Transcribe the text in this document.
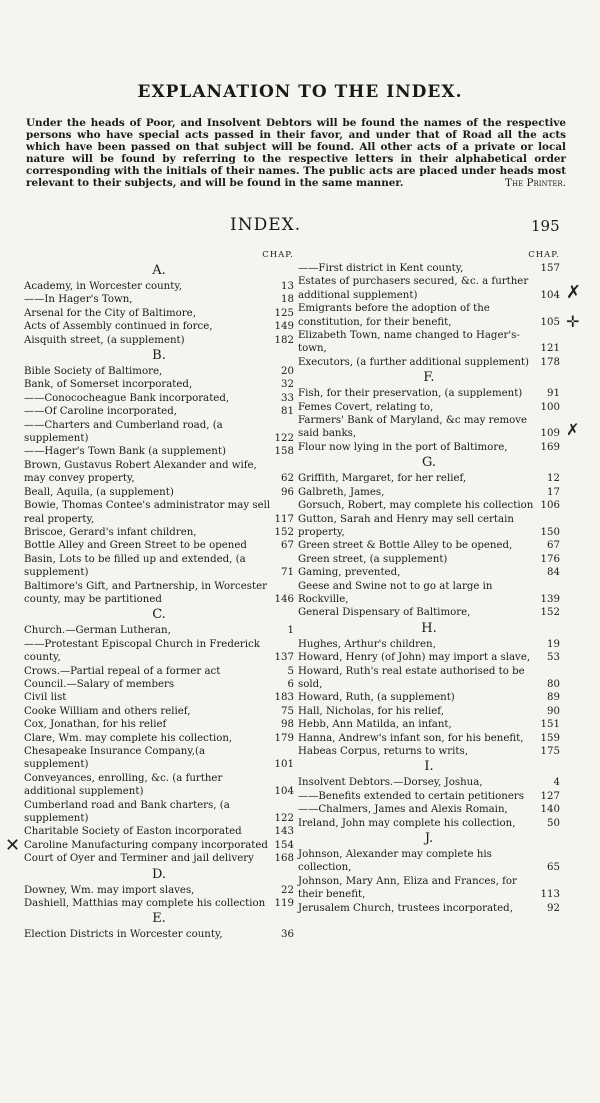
EXPLANATION TO THE INDEX.
Under the heads of Poor, and Insolvent Debtors will be found the names of the respective persons who have special acts passed in their favor, and under that of Road all the acts which have been passed on that subject will be found. All other acts of a private or local nature will be found by referring to the respective letters in their alphabetical order corresponding with the initials of their names. The public acts are placed under heads most relevant to their subjects, and will be found in the same manner.	The Printer.
INDEX.	195
CHAP.
A.
Academy, in Worcester county,	13
——In Hager's Town,	18
Arsenal for the City of Baltimore,	125
Acts of Assembly continued in force,	149
Aisquith street, (a supplement)	182
B.
Bible Society of Baltimore,	20
Bank, of Somerset incorporated,	32
——Conococheague Bank incorporated,	33
——Of Caroline incorporated,	81
——Charters and Cumberland road, (a supplement)	122
——Hager's Town Bank (a supplement)	158
Brown, Gustavus Robert Alexander and wife, may convey property,	62
Beall, Aquila, (a supplement)	96
Bowie, Thomas Contee's administrator may sell real property,	117
Briscoe, Gerard's infant children,	152
Bottle Alley and Green Street to be opened	67
Basin, Lots to be filled up and extended, (a supplement)	71
Baltimore's Gift, and Partnership, in Worcester county, may be partitioned	146
C.
Church.—German Lutheran,	1
——Protestant Episcopal Church in Frederick county,	137
Crows.—Partial repeal of a former act	5
Council.—Salary of members	6
Civil list	183
Cooke William and others relief,	75
Cox, Jonathan, for his relief	98
Clare, Wm. may complete his collection,	179
Chesapeake Insurance Company,(a supplement)	101
Conveyances, enrolling, &c. (a further additional supplement)	104
Cumberland road and Bank charters, (a supplement)	122
Charitable Society of Easton incorporated	143
Caroline Manufacturing company incorporated 154
Court of Oyer and Terminer and jail delivery	168
D.
Downey, Wm. may import slaves,	22
Dashiell, Matthias may complete his collection 119
E.
Election Districts in Worcester county,	36
CHAP.
——First district in Kent county,	157
Estates of purchasers secured, &c. a further additional supplement)	104
Emigrants before the adoption of the constitution, for their benefit,	105
Elizabeth Town, name changed to Hager's-town,	121
Executors, (a further additional supplement)	178
F.
Fish, for their preservation, (a supplement)	91
Femes Covert, relating to,	100
Farmers' Bank of Maryland, &c may remove said banks,	109
Flour now lying in the port of Baltimore,	169
G.
Griffith, Margaret, for her relief,	12
Galbreth, James,	17
Gorsuch, Robert, may complete his collection 106
Gutton, Sarah and Henry may sell certain property,	150
Green street & Bottle Alley to be opened,	67
Green street, (a supplement)	176
Gaming, prevented,	84
Geese and Swine not to go at large in Rockville,	139
General Dispensary of Baltimore,	152
H.
Hughes, Arthur's children,	19
Howard, Henry (of John) may import a slave,	53
Howard, Ruth's real estate authorised to be sold,	80
Howard, Ruth, (a supplement)	89
Hall, Nicholas, for his relief,	90
Hebb, Ann Matilda, an infant,	151
Hanna, Andrew's infant son, for his benefit,	159
Habeas Corpus, returns to writs,	175
I.
Insolvent Debtors.—Dorsey, Joshua,	4
——Benefits extended to certain petitioners	127
——Chalmers, James and Alexis Romain,	140
Ireland, John may complete his collection,	50
J.
Johnson, Alexander may complete his collection,	65
Johnson, Mary Ann, Eliza and Frances, for their benefit,	113
Jerusalem Church, trustees incorporated,	92
✕
✗
✛
✗
